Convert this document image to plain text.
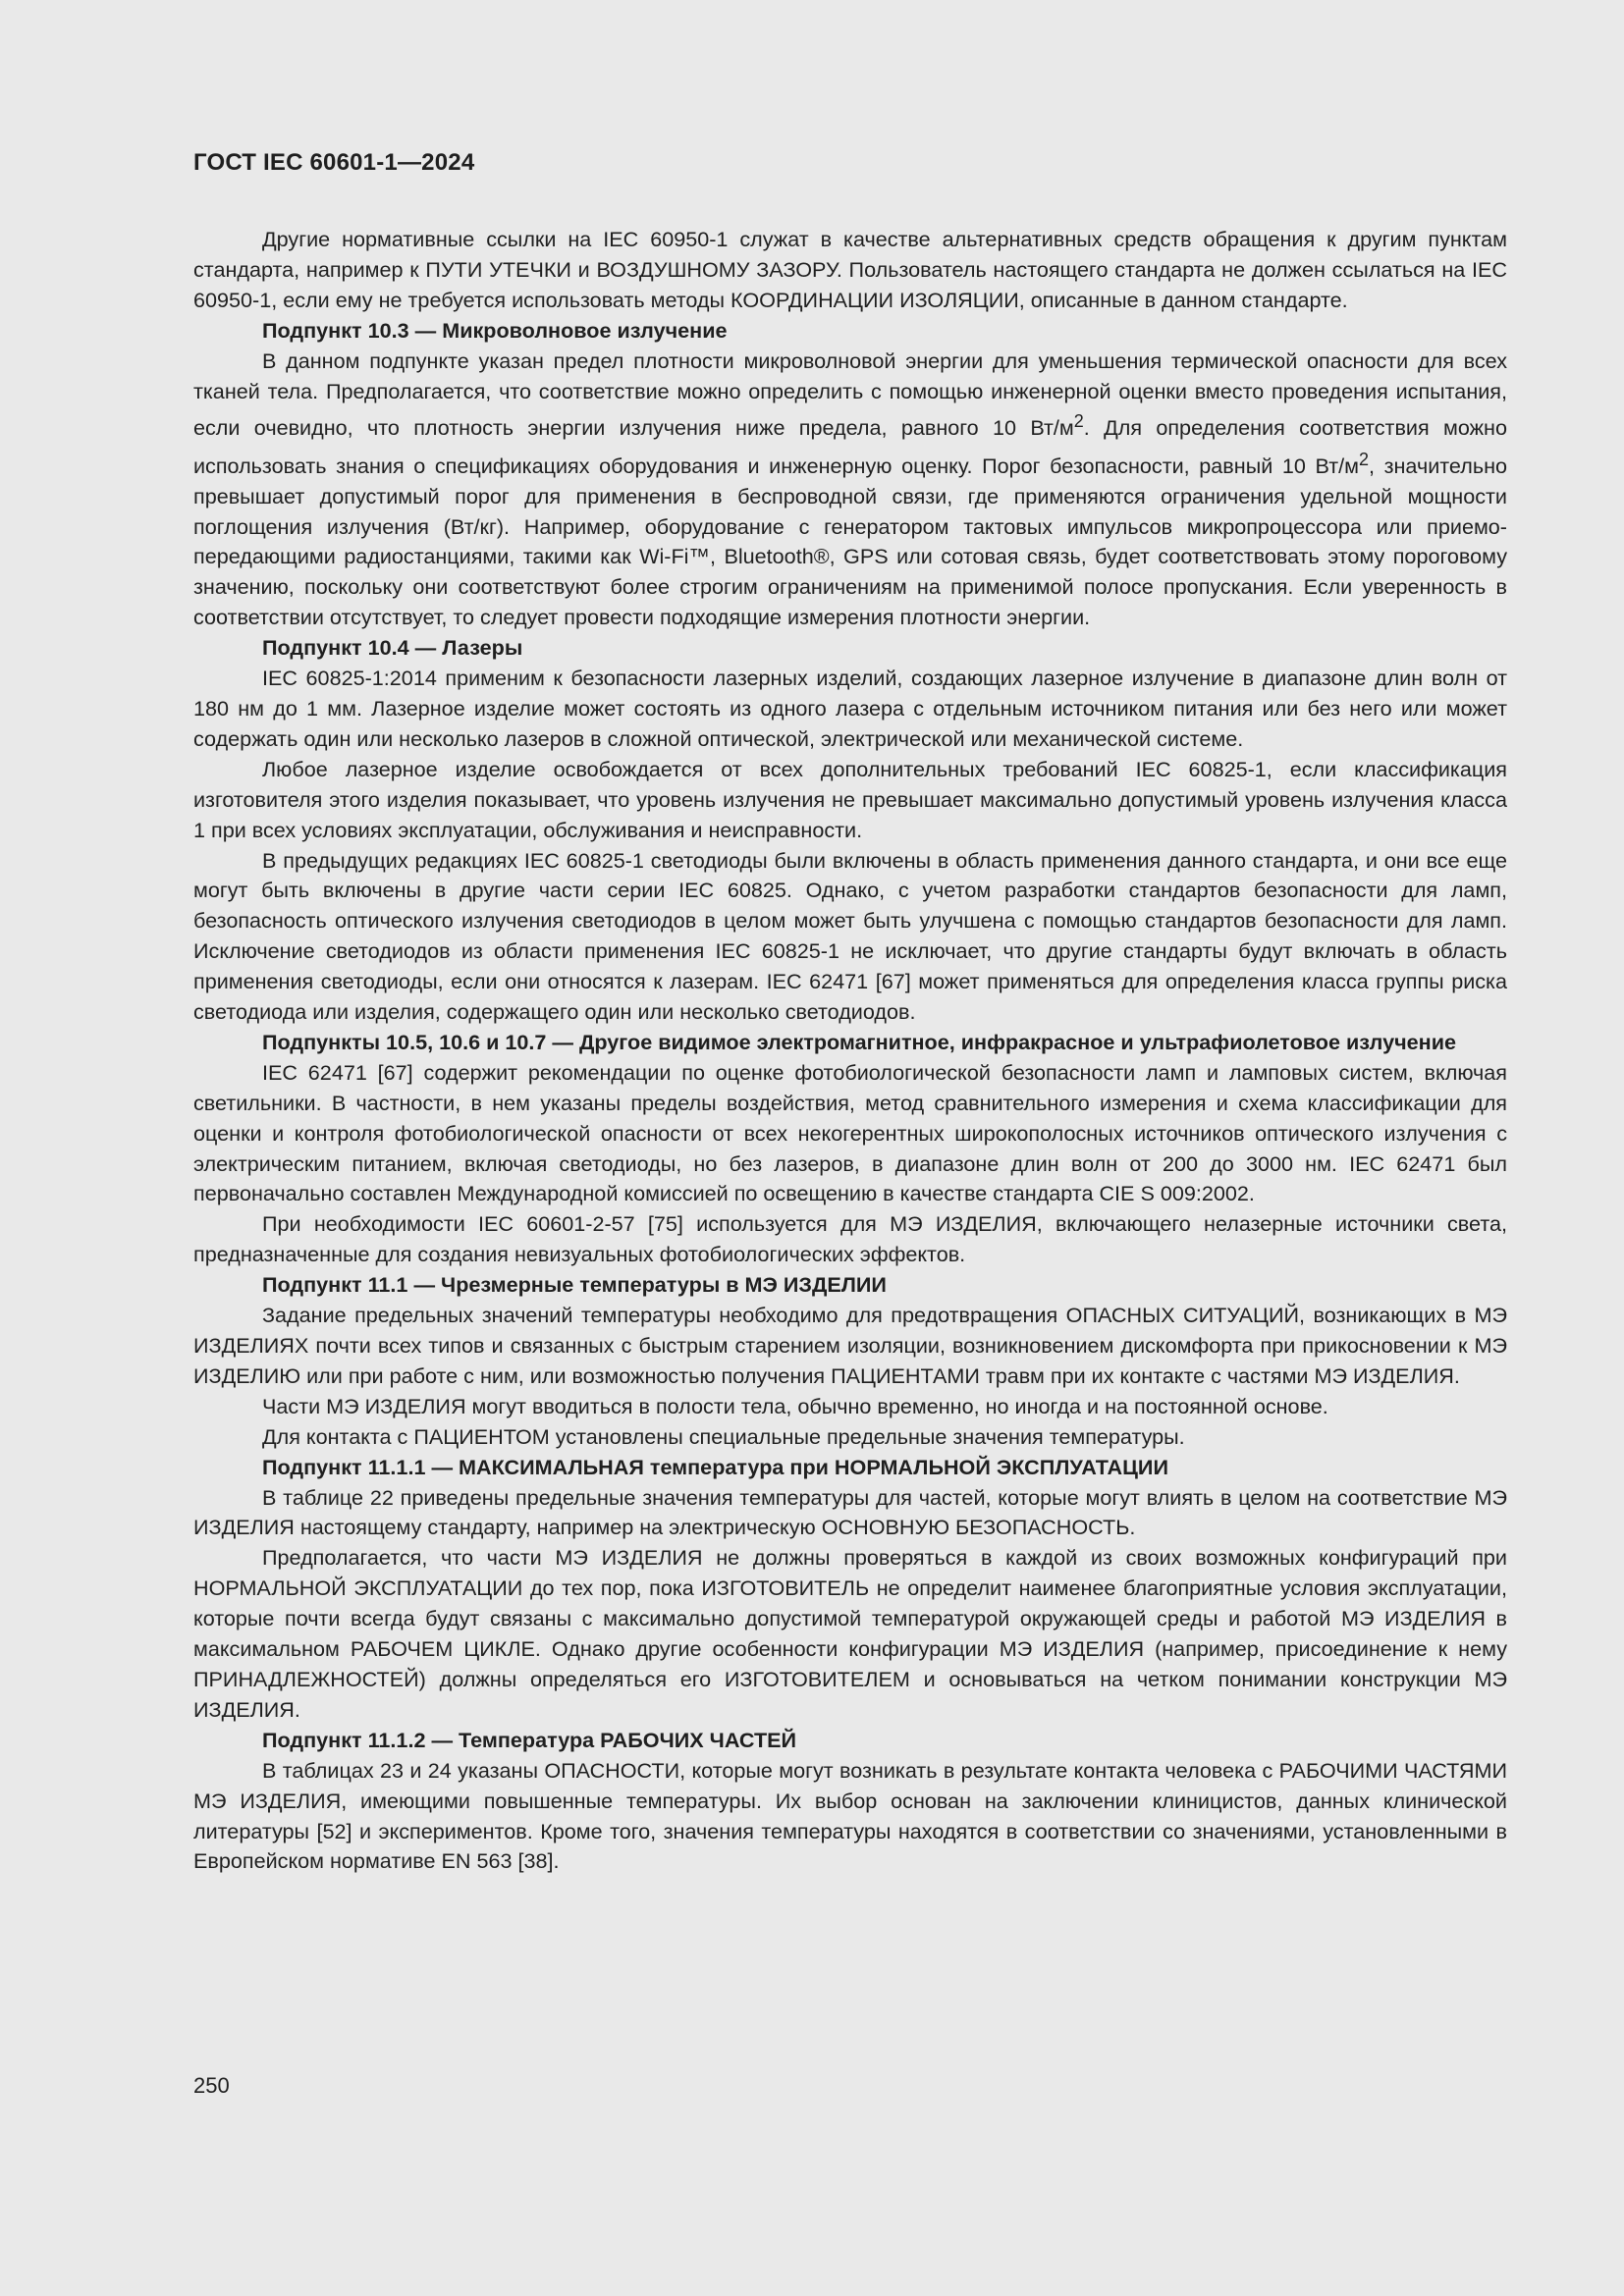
ГОСТ IEC 60601-1—2024

Другие нормативные ссылки на IEC 60950-1 служат в качестве альтернативных средств обращения к другим пунктам стандарта, например к ПУТИ УТЕЧКИ и ВОЗДУШНОМУ ЗАЗОРУ. Пользователь настоящего стандарта не должен ссылаться на IEC 60950-1, если ему не требуется использовать методы КООРДИНАЦИИ ИЗОЛЯЦИИ, описанные в данном стандарте.

Подпункт 10.3 — Микроволновое излучение

В данном подпункте указан предел плотности микроволновой энергии для уменьшения термической опасности для всех тканей тела. Предполагается, что соответствие можно определить с помощью инженерной оценки вместо проведения испытания, если очевидно, что плотность энергии излучения ниже предела, равного 10 $Вт/м^2$. Для определения соответствия можно использовать знания о спецификациях оборудования и инженерную оценку. Порог безопасности, равный 10 $Вт/м^2$, значительно превышает допустимый порог для применения в беспроводной связи, где применяются ограничения удельной мощности поглощения излучения (Вт/кг). Например, оборудование с генератором тактовых импульсов микропроцессора или приемо-передающими радиостанциями, такими как Wi-Fi™, Bluetooth®, GPS или сотовая связь, будет соответствовать этому пороговому значению, поскольку они соответствуют более строгим ограничениям на применимой полосе пропускания. Если уверенность в соответствии отсутствует, то следует провести подходящие измерения плотности энергии.

Подпункт 10.4 — Лазеры

IEC 60825-1:2014 применим к безопасности лазерных изделий, создающих лазерное излучение в диапазоне длин волн от 180 нм до 1 мм. Лазерное изделие может состоять из одного лазера с отдельным источником питания или без него или может содержать один или несколько лазеров в сложной оптической, электрической или механической системе.

Любое лазерное изделие освобождается от всех дополнительных требований IEC 60825-1, если классификация изготовителя этого изделия показывает, что уровень излучения не превышает максимально допустимый уровень излучения класса 1 при всех условиях эксплуатации, обслуживания и неисправности.

В предыдущих редакциях IEC 60825-1 светодиоды были включены в область применения данного стандарта, и они все еще могут быть включены в другие части серии IEC 60825. Однако, с учетом разработки стандартов безопасности для ламп, безопасность оптического излучения светодиодов в целом может быть улучшена с помощью стандартов безопасности для ламп. Исключение светодиодов из области применения IEC 60825-1 не исключает, что другие стандарты будут включать в область применения светодиоды, если они относятся к лазерам. IEC 62471 [67] может применяться для определения класса группы риска светодиода или изделия, содержащего один или несколько светодиодов.

Подпункты 10.5, 10.6 и 10.7 — Другое видимое электромагнитное, инфракрасное и ультрафиолетовое излучение

IEC 62471 [67] содержит рекомендации по оценке фотобиологической безопасности ламп и ламповых систем, включая светильники. В частности, в нем указаны пределы воздействия, метод сравнительного измерения и схема классификации для оценки и контроля фотобиологической опасности от всех некогерентных широкополосных источников оптического излучения с электрическим питанием, включая светодиоды, но без лазеров, в диапазоне длин волн от 200 до 3000 нм. IEC 62471 был первоначально составлен Международной комиссией по освещению в качестве стандарта CIE S 009:2002.

При необходимости IEC 60601-2-57 [75] используется для МЭ ИЗДЕЛИЯ, включающего нелазерные источники света, предназначенные для создания невизуальных фотобиологических эффектов.

Подпункт 11.1 — Чрезмерные температуры в МЭ ИЗДЕЛИИ

Задание предельных значений температуры необходимо для предотвращения ОПАСНЫХ СИТУАЦИЙ, возникающих в МЭ ИЗДЕЛИЯХ почти всех типов и связанных с быстрым старением изоляции, возникновением дискомфорта при прикосновении к МЭ ИЗДЕЛИЮ или при работе с ним, или возможностью получения ПАЦИЕНТАМИ травм при их контакте с частями МЭ ИЗДЕЛИЯ.

Части МЭ ИЗДЕЛИЯ могут вводиться в полости тела, обычно временно, но иногда и на постоянной основе.

Для контакта с ПАЦИЕНТОМ установлены специальные предельные значения температуры.

Подпункт 11.1.1 — МАКСИМАЛЬНАЯ температура при НОРМАЛЬНОЙ ЭКСПЛУАТАЦИИ

В таблице 22 приведены предельные значения температуры для частей, которые могут влиять в целом на соответствие МЭ ИЗДЕЛИЯ настоящему стандарту, например на электрическую ОСНОВНУЮ БЕЗОПАСНОСТЬ.

Предполагается, что части МЭ ИЗДЕЛИЯ не должны проверяться в каждой из своих возможных конфигураций при НОРМАЛЬНОЙ ЭКСПЛУАТАЦИИ до тех пор, пока ИЗГОТОВИТЕЛЬ не определит наименее благоприятные условия эксплуатации, которые почти всегда будут связаны с максимально допустимой температурой окружающей среды и работой МЭ ИЗДЕЛИЯ в максимальном РАБОЧЕМ ЦИКЛЕ. Однако другие особенности конфигурации МЭ ИЗДЕЛИЯ (например, присоединение к нему ПРИНАДЛЕЖНОСТЕЙ) должны определяться его ИЗГОТОВИТЕЛЕМ и основываться на четком понимании конструкции МЭ ИЗДЕЛИЯ.

Подпункт 11.1.2 — Температура РАБОЧИХ ЧАСТЕЙ

В таблицах 23 и 24 указаны ОПАСНОСТИ, которые могут возникать в результате контакта человека с РАБОЧИМИ ЧАСТЯМИ МЭ ИЗДЕЛИЯ, имеющими повышенные температуры. Их выбор основан на заключении клиницистов, данных клинической литературы [52] и экспериментов. Кроме того, значения температуры находятся в соответствии со значениями, установленными в Европейском нормативе EN 563 [38].

250
